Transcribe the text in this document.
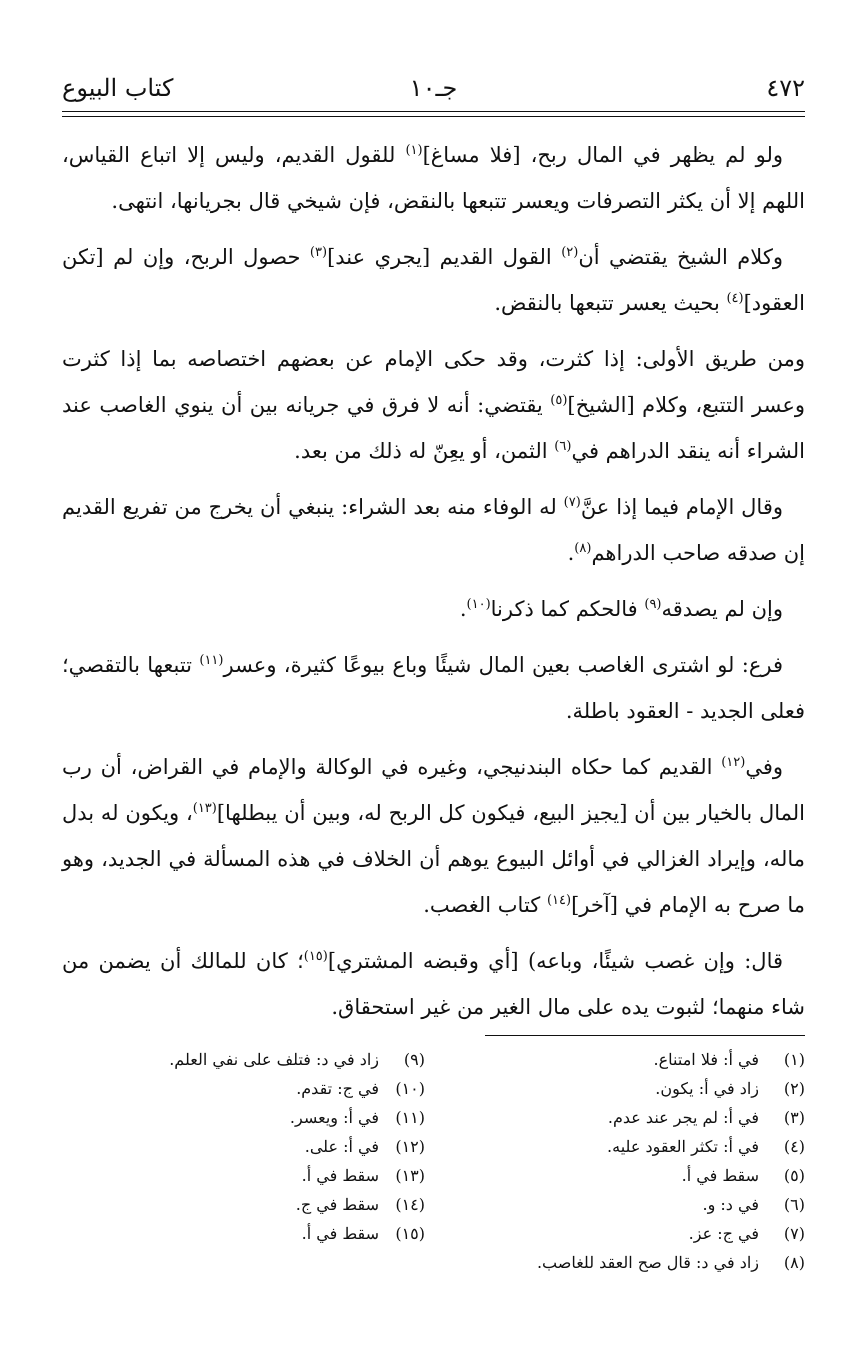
كتاب البيوع	جـ١٠	٤٧٢

ولو لم يظهر في المال ربح، [فلا مساغ]$^{(١)}$ للقول القديم، وليس إلا اتباع القياس، اللهم إلا أن يكثر التصرفات ويعسر تتبعها بالنقض، فإن شيخي قال بجريانها، انتهى.

وكلام الشيخ يقتضي أن$^{(٢)}$ القول القديم [يجري عند]$^{(٣)}$ حصول الربح، وإن لم [تكن العقود]$^{(٤)}$ بحيث يعسر تتبعها بالنقض.

ومن طريق الأولى: إذا كثرت، وقد حكى الإمام عن بعضهم اختصاصه بما إذا كثرت وعسر التتبع، وكلام [الشيخ]$^{(٥)}$ يقتضي: أنه لا فرق في جريانه بين أن ينوي الغاصب عند الشراء أنه ينقد الدراهم في$^{(٦)}$ الثمن، أو يعِنّ له ذلك من بعد.

وقال الإمام فيما إذا عنَّ$^{(٧)}$ له الوفاء منه بعد الشراء: ينبغي أن يخرج من تفريع القديم إن صدقه صاحب الدراهم$^{(٨)}$.

وإن لم يصدقه$^{(٩)}$ فالحكم كما ذكرنا$^{(١٠)}$.

فرع: لو اشترى الغاصب بعين المال شيئًا وباع بيوعًا كثيرة، وعسر$^{(١١)}$ تتبعها بالتقصي؛ فعلى الجديد - العقود باطلة.

وفي$^{(١٢)}$ القديم كما حكاه البندنيجي، وغيره في الوكالة والإمام في القراض، أن رب المال بالخيار بين أن [يجيز البيع، فيكون كل الربح له، وبين أن يبطلها]$^{(١٣)}$، ويكون له بدل ماله، وإيراد الغزالي في أوائل البيوع يوهم أن الخلاف في هذه المسألة في الجديد، وهو ما صرح به الإمام في [آخر]$^{(١٤)}$ كتاب الغصب.

قال: وإن غصب شيئًا، وباعه) [أي وقبضه المشتري]$^{(١٥)}$؛ كان للمالك أن يضمن من شاء منهما؛ لثبوت يده على مال الغير من غير استحقاق.

(١)
في أ: فلا امتناع.
(٢)
زاد في أ: يكون.
(٣)
في أ: لم يجر عند عدم.
(٤)
في أ: تكثر العقود عليه.
(٥)
سقط في أ.
(٦)
في د: و.
(٧)
في ج: عز.
(٨)
زاد في د: قال صح العقد للغاصب.
(٩)
زاد في د: فتلف على نفي العلم.
(١٠)
في ج: تقدم.
(١١)
في أ: ويعسر.
(١٢)
في أ: على.
(١٣)
سقط في أ.
(١٤)
سقط في ج.
(١٥)
سقط في أ.
